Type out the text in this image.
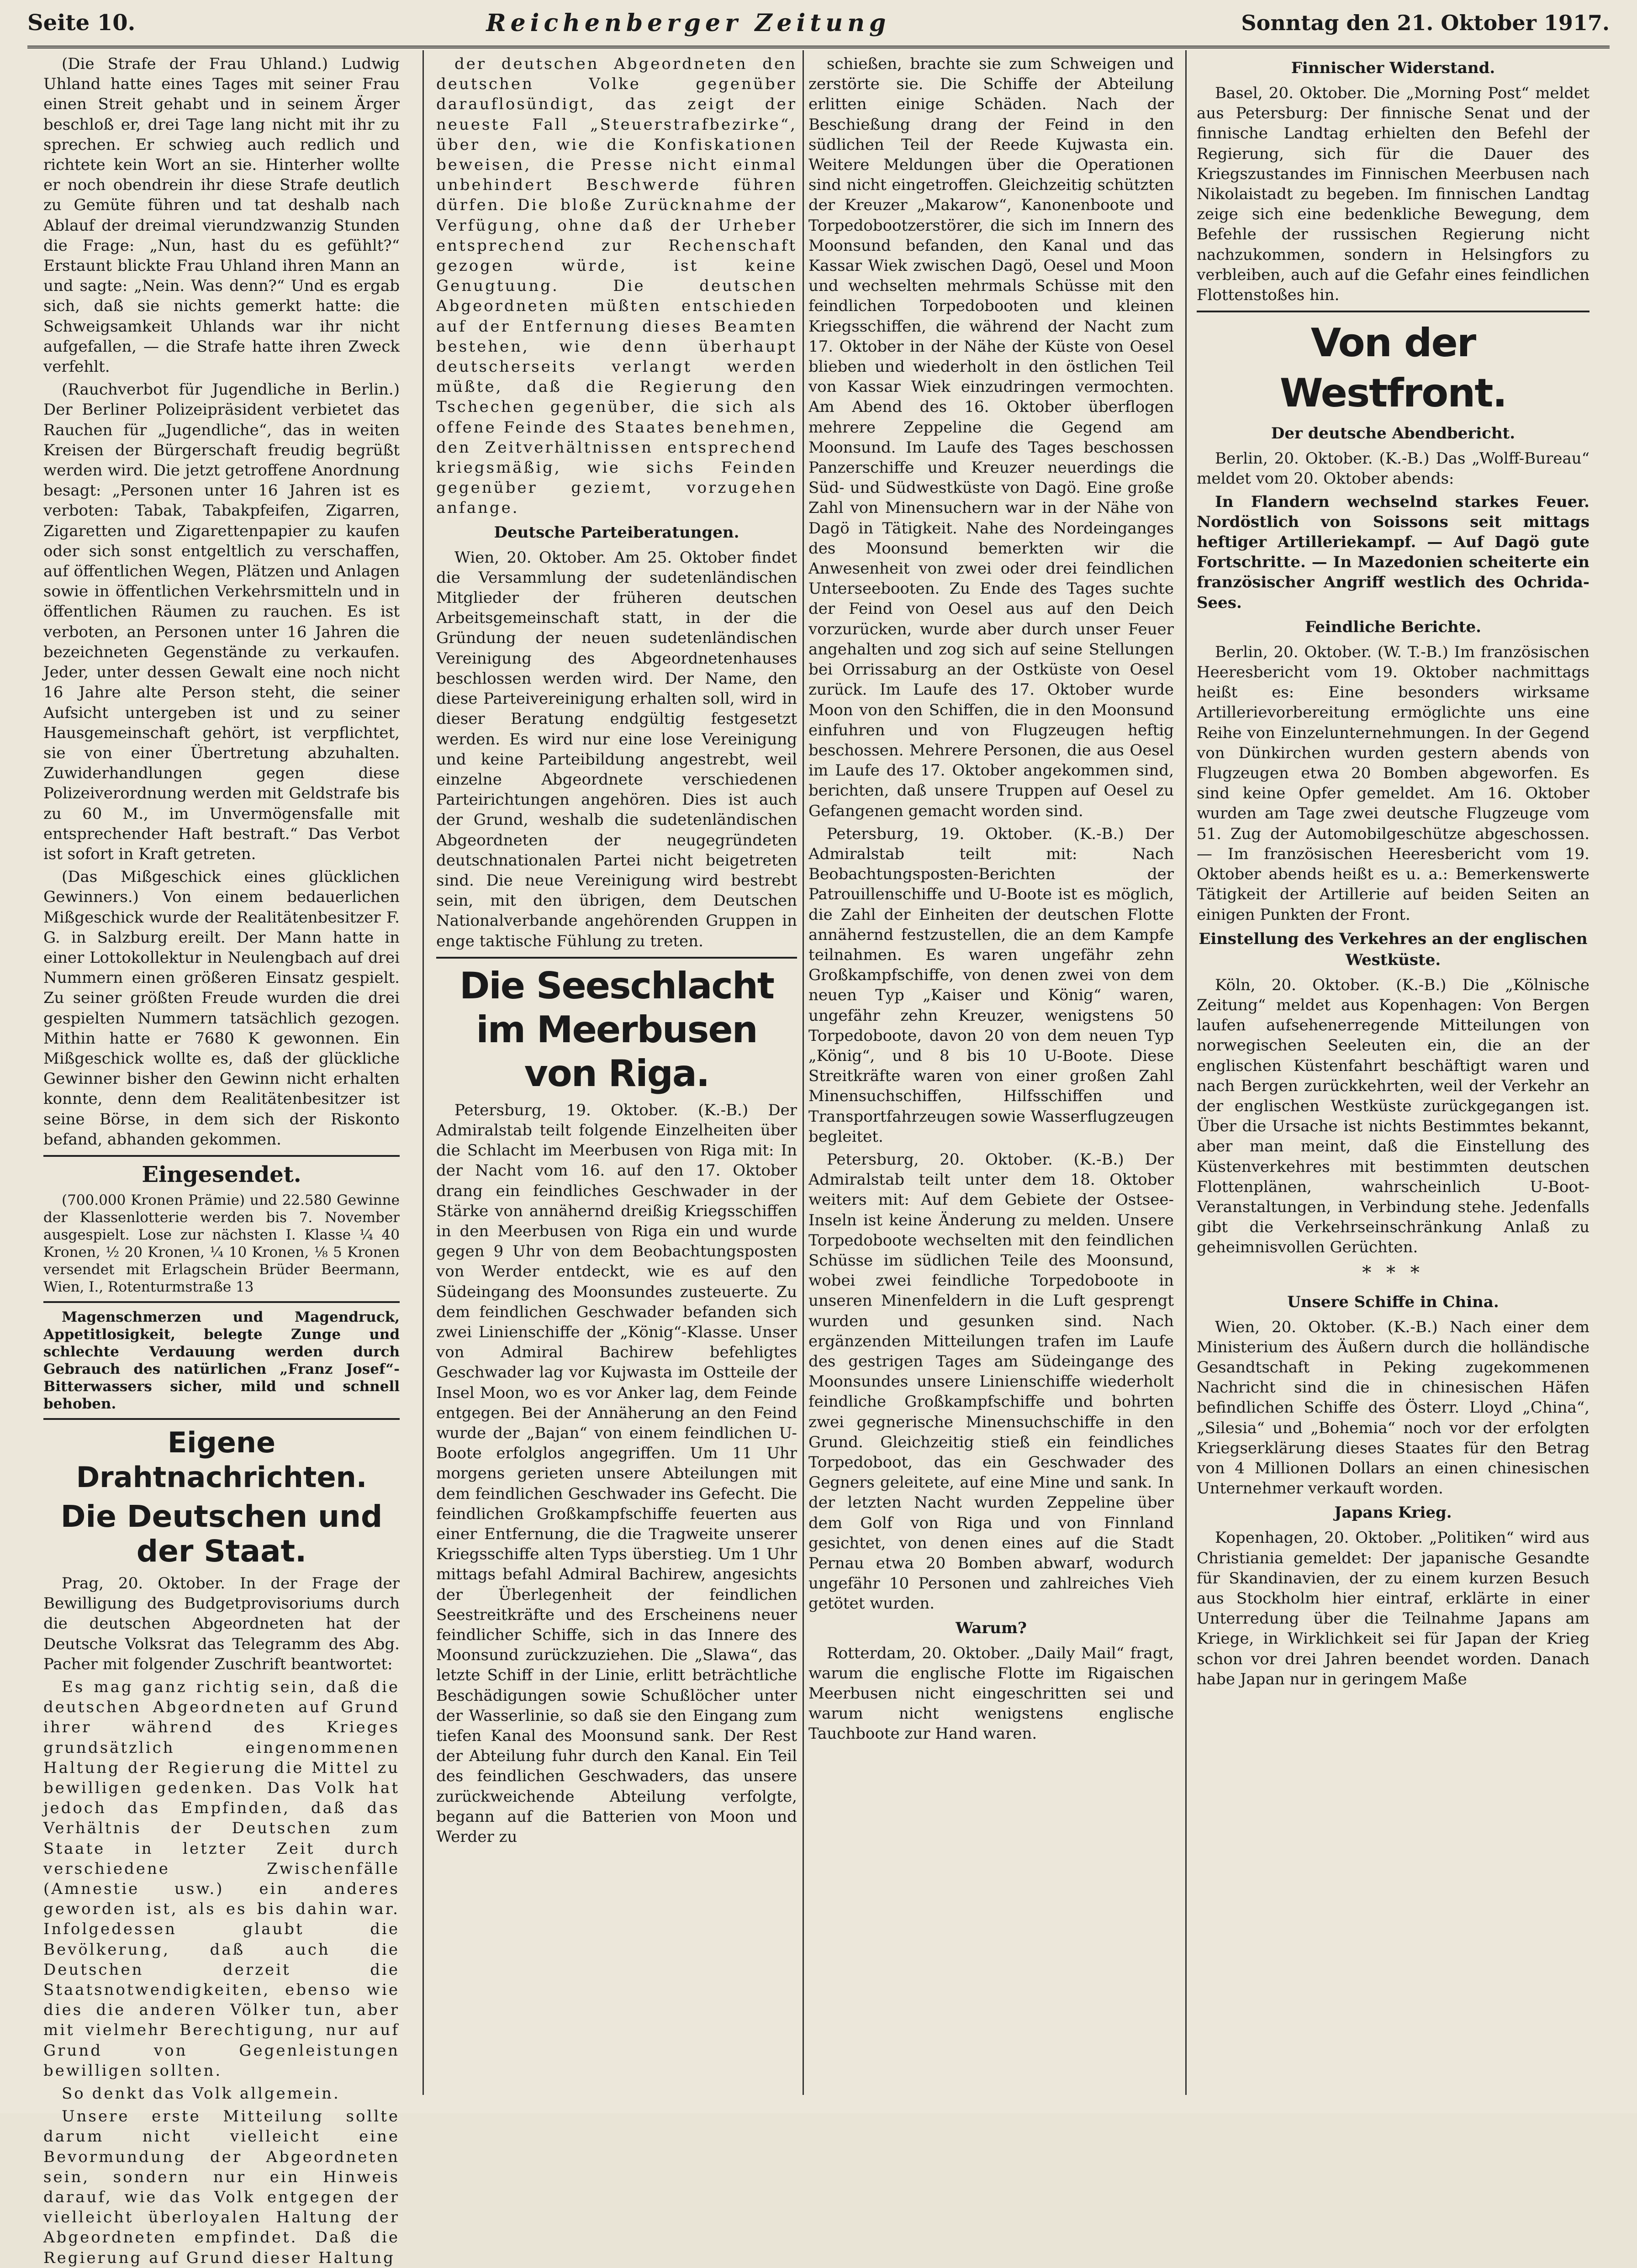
Seite 10.	Reichenberger Zeitung	Sonntag den 21. Oktober 1917.

(Die Strafe der Frau Uhland.) Ludwig Uhland hatte eines Tages mit seiner Frau einen Streit gehabt und in seinem Ärger beschloß er, drei Tage lang nicht mit ihr zu sprechen. Er schwieg auch redlich und richtete kein Wort an sie. Hinterher wollte er noch obendrein ihr diese Strafe deutlich zu Gemüte führen und tat deshalb nach Ablauf der dreimal vierundzwanzig Stunden die Frage: „Nun, hast du es gefühlt?“ Erstaunt blickte Frau Uhland ihren Mann an und sagte: „Nein. Was denn?“ Und es ergab sich, daß sie nichts gemerkt hatte: die Schweigsamkeit Uhlands war ihr nicht aufgefallen, — die Strafe hatte ihren Zweck verfehlt.

(Rauchverbot für Jugendliche in Berlin.) Der Berliner Polizeipräsident verbietet das Rauchen für „Jugendliche“, das in weiten Kreisen der Bürgerschaft freudig begrüßt werden wird. Die jetzt getroffene Anordnung besagt: „Personen unter 16 Jahren ist es verboten: Tabak, Tabakpfeifen, Zigarren, Zigaretten und Zigarettenpapier zu kaufen oder sich sonst entgeltlich zu verschaffen, auf öffentlichen Wegen, Plätzen und Anlagen sowie in öffentlichen Verkehrsmitteln und in öffentlichen Räumen zu rauchen. Es ist verboten, an Personen unter 16 Jahren die bezeichneten Gegenstände zu verkaufen. Jeder, unter dessen Gewalt eine noch nicht 16 Jahre alte Person steht, die seiner Aufsicht untergeben ist und zu seiner Hausgemeinschaft gehört, ist verpflichtet, sie von einer Übertretung abzuhalten. Zuwiderhandlungen gegen diese Polizeiverordnung werden mit Geldstrafe bis zu 60 M., im Unvermögensfalle mit entsprechender Haft bestraft.“ Das Verbot ist sofort in Kraft getreten.

(Das Mißgeschick eines glücklichen Gewinners.) Von einem bedauerlichen Mißgeschick wurde der Realitätenbesitzer F. G. in Salzburg ereilt. Der Mann hatte in einer Lottokollektur in Neulengbach auf drei Nummern einen größeren Einsatz gespielt. Zu seiner größten Freude wurden die drei gespielten Nummern tatsächlich gezogen. Mithin hatte er 7680 K gewonnen. Ein Mißgeschick wollte es, daß der glückliche Gewinner bisher den Gewinn nicht erhalten konnte, denn dem Realitätenbesitzer ist seine Börse, in dem sich der Riskonto befand, abhanden gekommen.

Eingesendet.

(700.000 Kronen Prämie) und 22.580 Gewinne der Klassenlotterie werden bis 7. November ausgespielt. Lose zur nächsten I. Klasse ¼ 40 Kronen, ½ 20 Kronen, ¼ 10 Kronen, ⅛ 5 Kronen versendet mit Erlagschein Brüder Beermann, Wien, I., Rotenturmstraße 13

Magenschmerzen und Magendruck, Appetitlosigkeit, belegte Zunge und schlechte Verdauung werden durch Gebrauch des natürlichen „Franz Josef“-Bitterwassers sicher, mild und schnell behoben.

Eigene Drahtnachrichten.
Die Deutschen und der Staat.

Prag, 20. Oktober. In der Frage der Bewilligung des Budgetprovisoriums durch die deutschen Abgeordneten hat der Deutsche Volksrat das Telegramm des Abg. Pacher mit folgender Zuschrift beantwortet:

Es mag ganz richtig sein, daß die deutschen Abgeordneten auf Grund ihrer während des Krieges grundsätzlich eingenommenen Haltung der Regierung die Mittel zu bewilligen gedenken. Das Volk hat jedoch das Empfinden, daß das Verhältnis der Deutschen zum Staate in letzter Zeit durch verschiedene Zwischenfälle (Amnestie usw.) ein anderes geworden ist, als es bis dahin war. Infolgedessen glaubt die Bevölkerung, daß auch die Deutschen derzeit die Staatsnotwendigkeiten, ebenso wie dies die anderen Völker tun, aber mit vielmehr Berechtigung, nur auf Grund von Gegenleistungen bewilligen sollten.

So denkt das Volk allgemein.

Unsere erste Mitteilung sollte darum nicht vielleicht eine Bevormundung der Abgeordneten sein, sondern nur ein Hinweis darauf, wie das Volk entgegen der vielleicht überloyalen Haltung der Abgeordneten empfindet. Daß die Regierung auf Grund dieser Haltung

der deutschen Abgeordneten den deutschen Volke gegenüber darauflosündigt, das zeigt der neueste Fall „Steuerstrafbezirke“, über den, wie die Konfiskationen beweisen, die Presse nicht einmal unbehindert Beschwerde führen dürfen. Die bloße Zurücknahme der Verfügung, ohne daß der Urheber entsprechend zur Rechenschaft gezogen würde, ist keine Genugtuung. Die deutschen Abgeordneten müßten entschieden auf der Entfernung dieses Beamten bestehen, wie denn überhaupt deutscherseits verlangt werden müßte, daß die Regierung den Tschechen gegenüber, die sich als offene Feinde des Staates benehmen, den Zeitverhältnissen entsprechend kriegsmäßig, wie sichs Feinden gegenüber geziemt, vorzugehen anfange.

Deutsche Parteiberatungen.

Wien, 20. Oktober. Am 25. Oktober findet die Versammlung der sudetenländischen Mitglieder der früheren deutschen Arbeitsgemeinschaft statt, in der die Gründung der neuen sudetenländischen Vereinigung des Abgeordnetenhauses beschlossen werden wird. Der Name, den diese Parteivereinigung erhalten soll, wird in dieser Beratung endgültig festgesetzt werden. Es wird nur eine lose Vereinigung und keine Parteibildung angestrebt, weil einzelne Abgeordnete verschiedenen Parteirichtungen angehören. Dies ist auch der Grund, weshalb die sudetenländischen Abgeordneten der neugegründeten deutschnationalen Partei nicht beigetreten sind. Die neue Vereinigung wird bestrebt sein, mit den übrigen, dem Deutschen Nationalverbande angehörenden Gruppen in enge taktische Fühlung zu treten.

Die Seeschlacht im Meerbusen von Riga.

Petersburg, 19. Oktober. (K.-B.) Der Admiralstab teilt folgende Einzelheiten über die Schlacht im Meerbusen von Riga mit: In der Nacht vom 16. auf den 17. Oktober drang ein feindliches Geschwader in der Stärke von annähernd dreißig Kriegsschiffen in den Meerbusen von Riga ein und wurde gegen 9 Uhr von dem Beobachtungsposten von Werder entdeckt, wie es auf den Südeingang des Moonsundes zusteuerte. Zu dem feindlichen Geschwader befanden sich zwei Linienschiffe der „König“-Klasse. Unser von Admiral Bachirew befehligtes Geschwader lag vor Kujwasta im Ostteile der Insel Moon, wo es vor Anker lag, dem Feinde entgegen. Bei der Annäherung an den Feind wurde der „Bajan“ von einem feindlichen U-Boote erfolglos angegriffen. Um 11 Uhr morgens gerieten unsere Abteilungen mit dem feindlichen Geschwader ins Gefecht. Die feindlichen Großkampfschiffe feuerten aus einer Entfernung, die die Tragweite unserer Kriegsschiffe alten Typs überstieg. Um 1 Uhr mittags befahl Admiral Bachirew, angesichts der Überlegenheit der feindlichen Seestreitkräfte und des Erscheinens neuer feindlicher Schiffe, sich in das Innere des Moonsund zurückzuziehen. Die „Slawa“, das letzte Schiff in der Linie, erlitt beträchtliche Beschädigungen sowie Schußlöcher unter der Wasserlinie, so daß sie den Eingang zum tiefen Kanal des Moonsund sank. Der Rest der Abteilung fuhr durch den Kanal. Ein Teil des feindlichen Geschwaders, das unsere zurückweichende Abteilung verfolgte, begann auf die Batterien von Moon und Werder zu

schießen, brachte sie zum Schweigen und zerstörte sie. Die Schiffe der Abteilung erlitten einige Schäden. Nach der Beschießung drang der Feind in den südlichen Teil der Reede Kujwasta ein. Weitere Meldungen über die Operationen sind nicht eingetroffen. Gleichzeitig schützten der Kreuzer „Makarow“, Kanonenboote und Torpedobootzerstörer, die sich im Innern des Moonsund befanden, den Kanal und das Kassar Wiek zwischen Dagö, Oesel und Moon und wechselten mehrmals Schüsse mit den feindlichen Torpedobooten und kleinen Kriegsschiffen, die während der Nacht zum 17. Oktober in der Nähe der Küste von Oesel blieben und wiederholt in den östlichen Teil von Kassar Wiek einzudringen vermochten. Am Abend des 16. Oktober überflogen mehrere Zeppeline die Gegend am Moonsund. Im Laufe des Tages beschossen Panzerschiffe und Kreuzer neuerdings die Süd- und Südwestküste von Dagö. Eine große Zahl von Minensuchern war in der Nähe von Dagö in Tätigkeit. Nahe des Nordeinganges des Moonsund bemerkten wir die Anwesenheit von zwei oder drei feindlichen Unterseebooten. Zu Ende des Tages suchte der Feind von Oesel aus auf den Deich vorzurücken, wurde aber durch unser Feuer angehalten und zog sich auf seine Stellungen bei Orrissaburg an der Ostküste von Oesel zurück. Im Laufe des 17. Oktober wurde Moon von den Schiffen, die in den Moonsund einfuhren und von Flugzeugen heftig beschossen. Mehrere Personen, die aus Oesel im Laufe des 17. Oktober angekommen sind, berichten, daß unsere Truppen auf Oesel zu Gefangenen gemacht worden sind.

Petersburg, 19. Oktober. (K.-B.) Der Admiralstab teilt mit: Nach Beobachtungsposten-Berichten der Patrouillenschiffe und U-Boote ist es möglich, die Zahl der Einheiten der deutschen Flotte annähernd festzustellen, die an dem Kampfe teilnahmen. Es waren ungefähr zehn Großkampfschiffe, von denen zwei von dem neuen Typ „Kaiser und König“ waren, ungefähr zehn Kreuzer, wenigstens 50 Torpedoboote, davon 20 von dem neuen Typ „König“, und 8 bis 10 U-Boote. Diese Streitkräfte waren von einer großen Zahl Minensuchschiffen, Hilfsschiffen und Transportfahrzeugen sowie Wasserflugzeugen begleitet.

Petersburg, 20. Oktober. (K.-B.) Der Admiralstab teilt unter dem 18. Oktober weiters mit: Auf dem Gebiete der Ostsee-Inseln ist keine Änderung zu melden. Unsere Torpedoboote wechselten mit den feindlichen Schüsse im südlichen Teile des Moonsund, wobei zwei feindliche Torpedoboote in unseren Minenfeldern in die Luft gesprengt wurden und gesunken sind. Nach ergänzenden Mitteilungen trafen im Laufe des gestrigen Tages am Südeingange des Moonsundes unsere Linienschiffe wiederholt feindliche Großkampfschiffe und bohrten zwei gegnerische Minensuchschiffe in den Grund. Gleichzeitig stieß ein feindliches Torpedoboot, das ein Geschwader des Gegners geleitete, auf eine Mine und sank. In der letzten Nacht wurden Zeppeline über dem Golf von Riga und von Finnland gesichtet, von denen eines auf die Stadt Pernau etwa 20 Bomben abwarf, wodurch ungefähr 10 Personen und zahlreiches Vieh getötet wurden.

Warum?

Rotterdam, 20. Oktober. „Daily Mail“ fragt, warum die englische Flotte im Rigaischen Meerbusen nicht eingeschritten sei und warum nicht wenigstens englische Tauchboote zur Hand waren.

Finnischer Widerstand.

Basel, 20. Oktober. Die „Morning Post“ meldet aus Petersburg: Der finnische Senat und der finnische Landtag erhielten den Befehl der Regierung, sich für die Dauer des Kriegszustandes im Finnischen Meerbusen nach Nikolaistadt zu begeben. Im finnischen Landtag zeige sich eine bedenkliche Bewegung, dem Befehle der russischen Regierung nicht nachzukommen, sondern in Helsingfors zu verbleiben, auch auf die Gefahr eines feindlichen Flottenstoßes hin.

Von der Westfront.
Der deutsche Abendbericht.

Berlin, 20. Oktober. (K.-B.) Das „Wolff-Bureau“ meldet vom 20. Oktober abends:

In Flandern wechselnd starkes Feuer. Nordöstlich von Soissons seit mittags heftiger Artilleriekampf. — Auf Dagö gute Fortschritte. — In Mazedonien scheiterte ein französischer Angriff westlich des Ochrida-Sees.

Feindliche Berichte.

Berlin, 20. Oktober. (W. T.-B.) Im französischen Heeresbericht vom 19. Oktober nachmittags heißt es: Eine besonders wirksame Artillerievorbereitung ermöglichte uns eine Reihe von Einzelunternehmungen. In der Gegend von Dünkirchen wurden gestern abends von Flugzeugen etwa 20 Bomben abgeworfen. Es sind keine Opfer gemeldet. Am 16. Oktober wurden am Tage zwei deutsche Flugzeuge vom 51. Zug der Automobilgeschütze abgeschossen. — Im französischen Heeresbericht vom 19. Oktober abends heißt es u. a.: Bemerkenswerte Tätigkeit der Artillerie auf beiden Seiten an einigen Punkten der Front.

Einstellung des Verkehres an der englischen Westküste.

Köln, 20. Oktober. (K.-B.) Die „Kölnische Zeitung“ meldet aus Kopenhagen: Von Bergen laufen aufsehenerregende Mitteilungen von norwegischen Seeleuten ein, die an der englischen Küstenfahrt beschäftigt waren und nach Bergen zurückkehrten, weil der Verkehr an der englischen Westküste zurückgegangen ist. Über die Ursache ist nichts Bestimmtes bekannt, aber man meint, daß die Einstellung des Küstenverkehres mit bestimmten deutschen Flottenplänen, wahrscheinlich U-Boot-Veranstaltungen, in Verbindung stehe. Jedenfalls gibt die Verkehrseinschränkung Anlaß zu geheimnisvollen Gerüchten.

* * *
Unsere Schiffe in China.

Wien, 20. Oktober. (K.-B.) Nach einer dem Ministerium des Äußern durch die holländische Gesandtschaft in Peking zugekommenen Nachricht sind die in chinesischen Häfen befindlichen Schiffe des Österr. Lloyd „China“, „Silesia“ und „Bohemia“ noch vor der erfolgten Kriegserklärung dieses Staates für den Betrag von 4 Millionen Dollars an einen chinesischen Unternehmer verkauft worden.

Japans Krieg.

Kopenhagen, 20. Oktober. „Politiken“ wird aus Christiania gemeldet: Der japanische Gesandte für Skandinavien, der zu einem kurzen Besuch aus Stockholm hier eintraf, erklärte in einer Unterredung über die Teilnahme Japans am Kriege, in Wirklichkeit sei für Japan der Krieg schon vor drei Jahren beendet worden. Danach habe Japan nur in geringem Maße
